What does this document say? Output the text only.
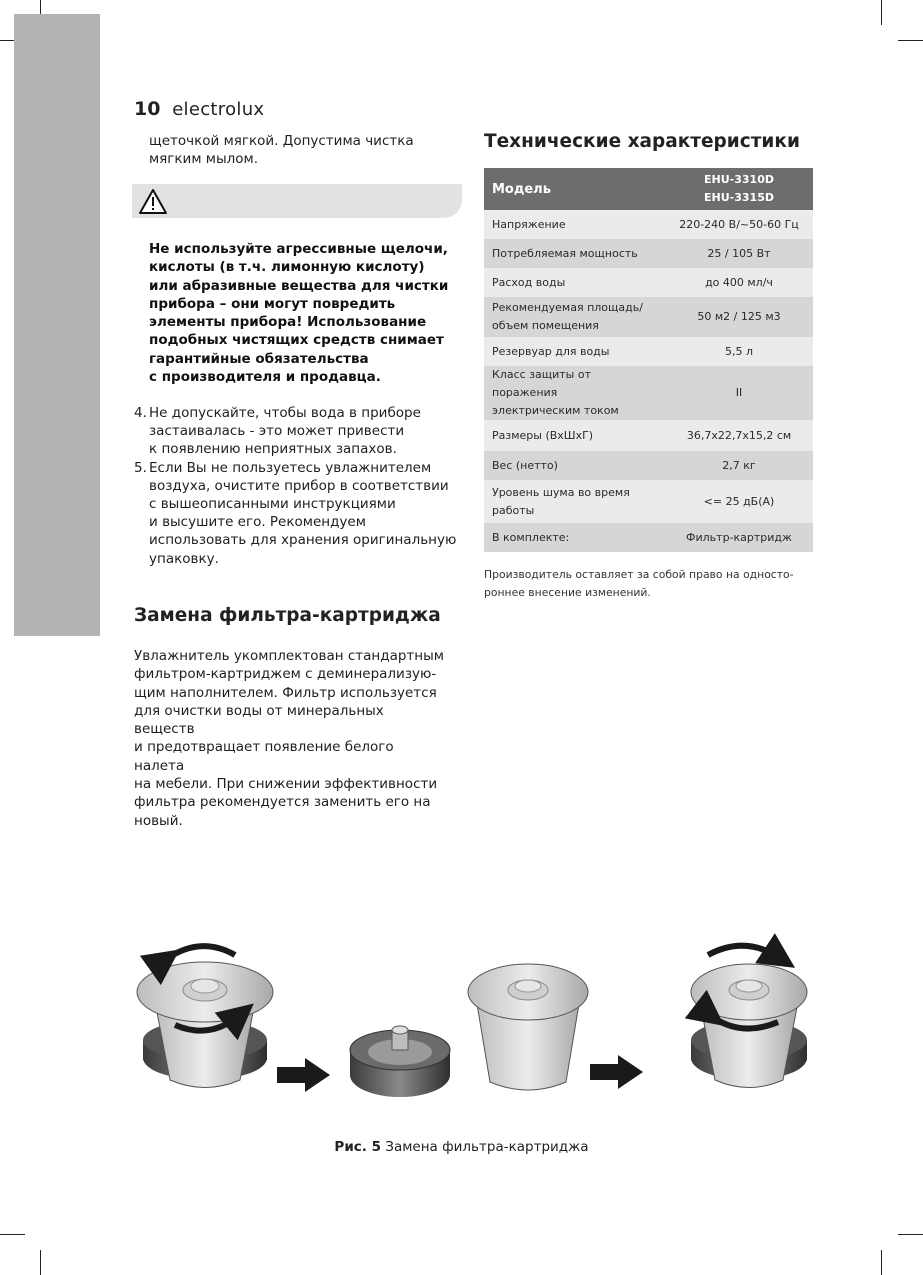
10 electrolux
щеточкой мягкой. Допустима чистка
мягким мылом.
Не используйте агрессивные щелочи,
кислоты (в т.ч. лимонную кислоту)
или абразивные вещества для чистки
прибора – они могут повредить
элементы прибора! Использование
подобных чистящих средств снимает
гарантийные обязательства
с производителя и продавца.
4. Не допускайте, чтобы вода в приборе
застаивалась - это может привести
к появлению неприятных запахов.
5. Если Вы не пользуетесь увлажнителем
воздуха, очистите прибор в соответствии
с вышеописанными инструкциями
и высушите его. Рекомендуем
использовать для хранения оригинальную
упаковку.
Замена фильтра-картриджа
Увлажнитель укомплектован стандартным
фильтром-картриджем с деминерализую-
щим наполнителем. Фильтр используется
для очистки воды от минеральных веществ
и предотвращает появление белого налета
на мебели. При снижении эффективности
фильтра рекомендуется заменить его на
новый.
Технические характеристики
Модель	EHU-3310D
EHU-3315D

Напряжение	220-240 В/~50-60 Гц

Потребляемая мощность	25 / 105 Вт

Расход воды	до 400 мл/ч

Рекомендуемая площадь/
объем помещения	50 м2 / 125 м3

Резервуар для воды	5,5 л

Класс защиты от поражения
электрическим током	II

Размеры (ВхШхГ)	36,7х22,7х15,2 см

Вес (нетто)	2,7 кг

Уровень шума во время
работы	<= 25 дБ(А)

В комплекте:	Фильтр-картридж
Производитель оставляет за собой право на односто-
роннее внесение изменений.
Рис. 5 Замена фильтра-картриджа
